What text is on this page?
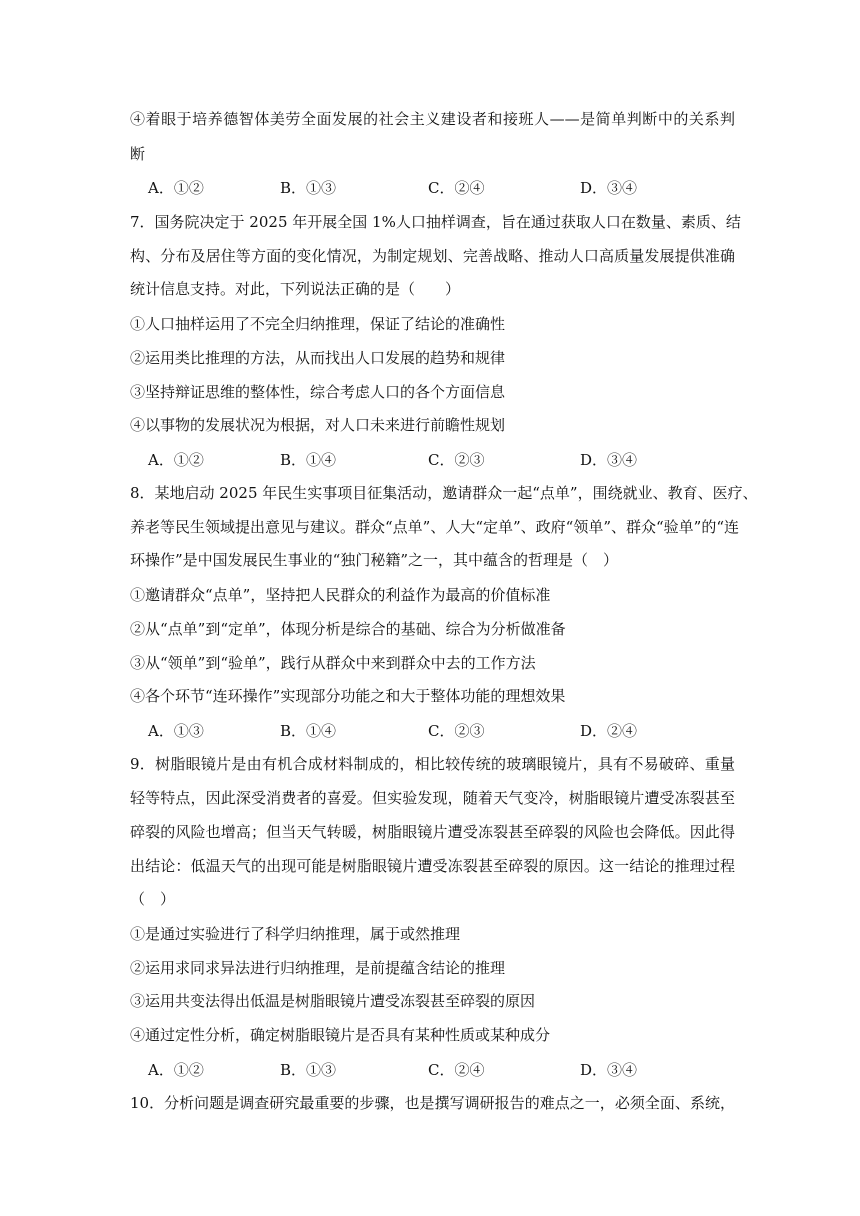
④着眼于培养德智体美劳全面发展的社会主义建设者和接班人——是简单判断中的关系判
断
A．①②	B．①③	C．②④	D．③④
7．国务院决定于 2025 年开展全国 1%人口抽样调查，旨在通过获取人口在数量、素质、结
构、分布及居住等方面的变化情况，为制定规划、完善战略、推动人口高质量发展提供准确
统计信息支持。对此，下列说法正确的是（　　）
①人口抽样运用了不完全归纳推理，保证了结论的准确性
②运用类比推理的方法，从而找出人口发展的趋势和规律
③坚持辩证思维的整体性，综合考虑人口的各个方面信息
④以事物的发展状况为根据，对人口未来进行前瞻性规划
A．①②	B．①④	C．②③	D．③④
8．某地启动 2025 年民生实事项目征集活动，邀请群众一起“点单”，围绕就业、教育、医疗、
养老等民生领域提出意见与建议。群众“点单”、人大“定单”、政府“领单”、群众“验单”的“连
环操作”是中国发展民生事业的“独门秘籍”之一，其中蕴含的哲理是（　）
①邀请群众“点单”，坚持把人民群众的利益作为最高的价值标准
②从“点单”到“定单”，体现分析是综合的基础、综合为分析做准备
③从“领单”到“验单”，践行从群众中来到群众中去的工作方法
④各个环节“连环操作”实现部分功能之和大于整体功能的理想效果
A．①③	B．①④	C．②③	D．②④
9．树脂眼镜片是由有机合成材料制成的，相比较传统的玻璃眼镜片，具有不易破碎、重量
轻等特点，因此深受消费者的喜爱。但实验发现，随着天气变冷，树脂眼镜片遭受冻裂甚至
碎裂的风险也增高；但当天气转暖，树脂眼镜片遭受冻裂甚至碎裂的风险也会降低。因此得
出结论：低温天气的出现可能是树脂眼镜片遭受冻裂甚至碎裂的原因。这一结论的推理过程
（　）
①是通过实验进行了科学归纳推理，属于或然推理
②运用求同求异法进行归纳推理，是前提蕴含结论的推理
③运用共变法得出低温是树脂眼镜片遭受冻裂甚至碎裂的原因
④通过定性分析，确定树脂眼镜片是否具有某种性质或某种成分
A．①②	B．①③	C．②④	D．③④
10．分析问题是调查研究最重要的步骤，也是撰写调研报告的难点之一，必须全面、系统，
